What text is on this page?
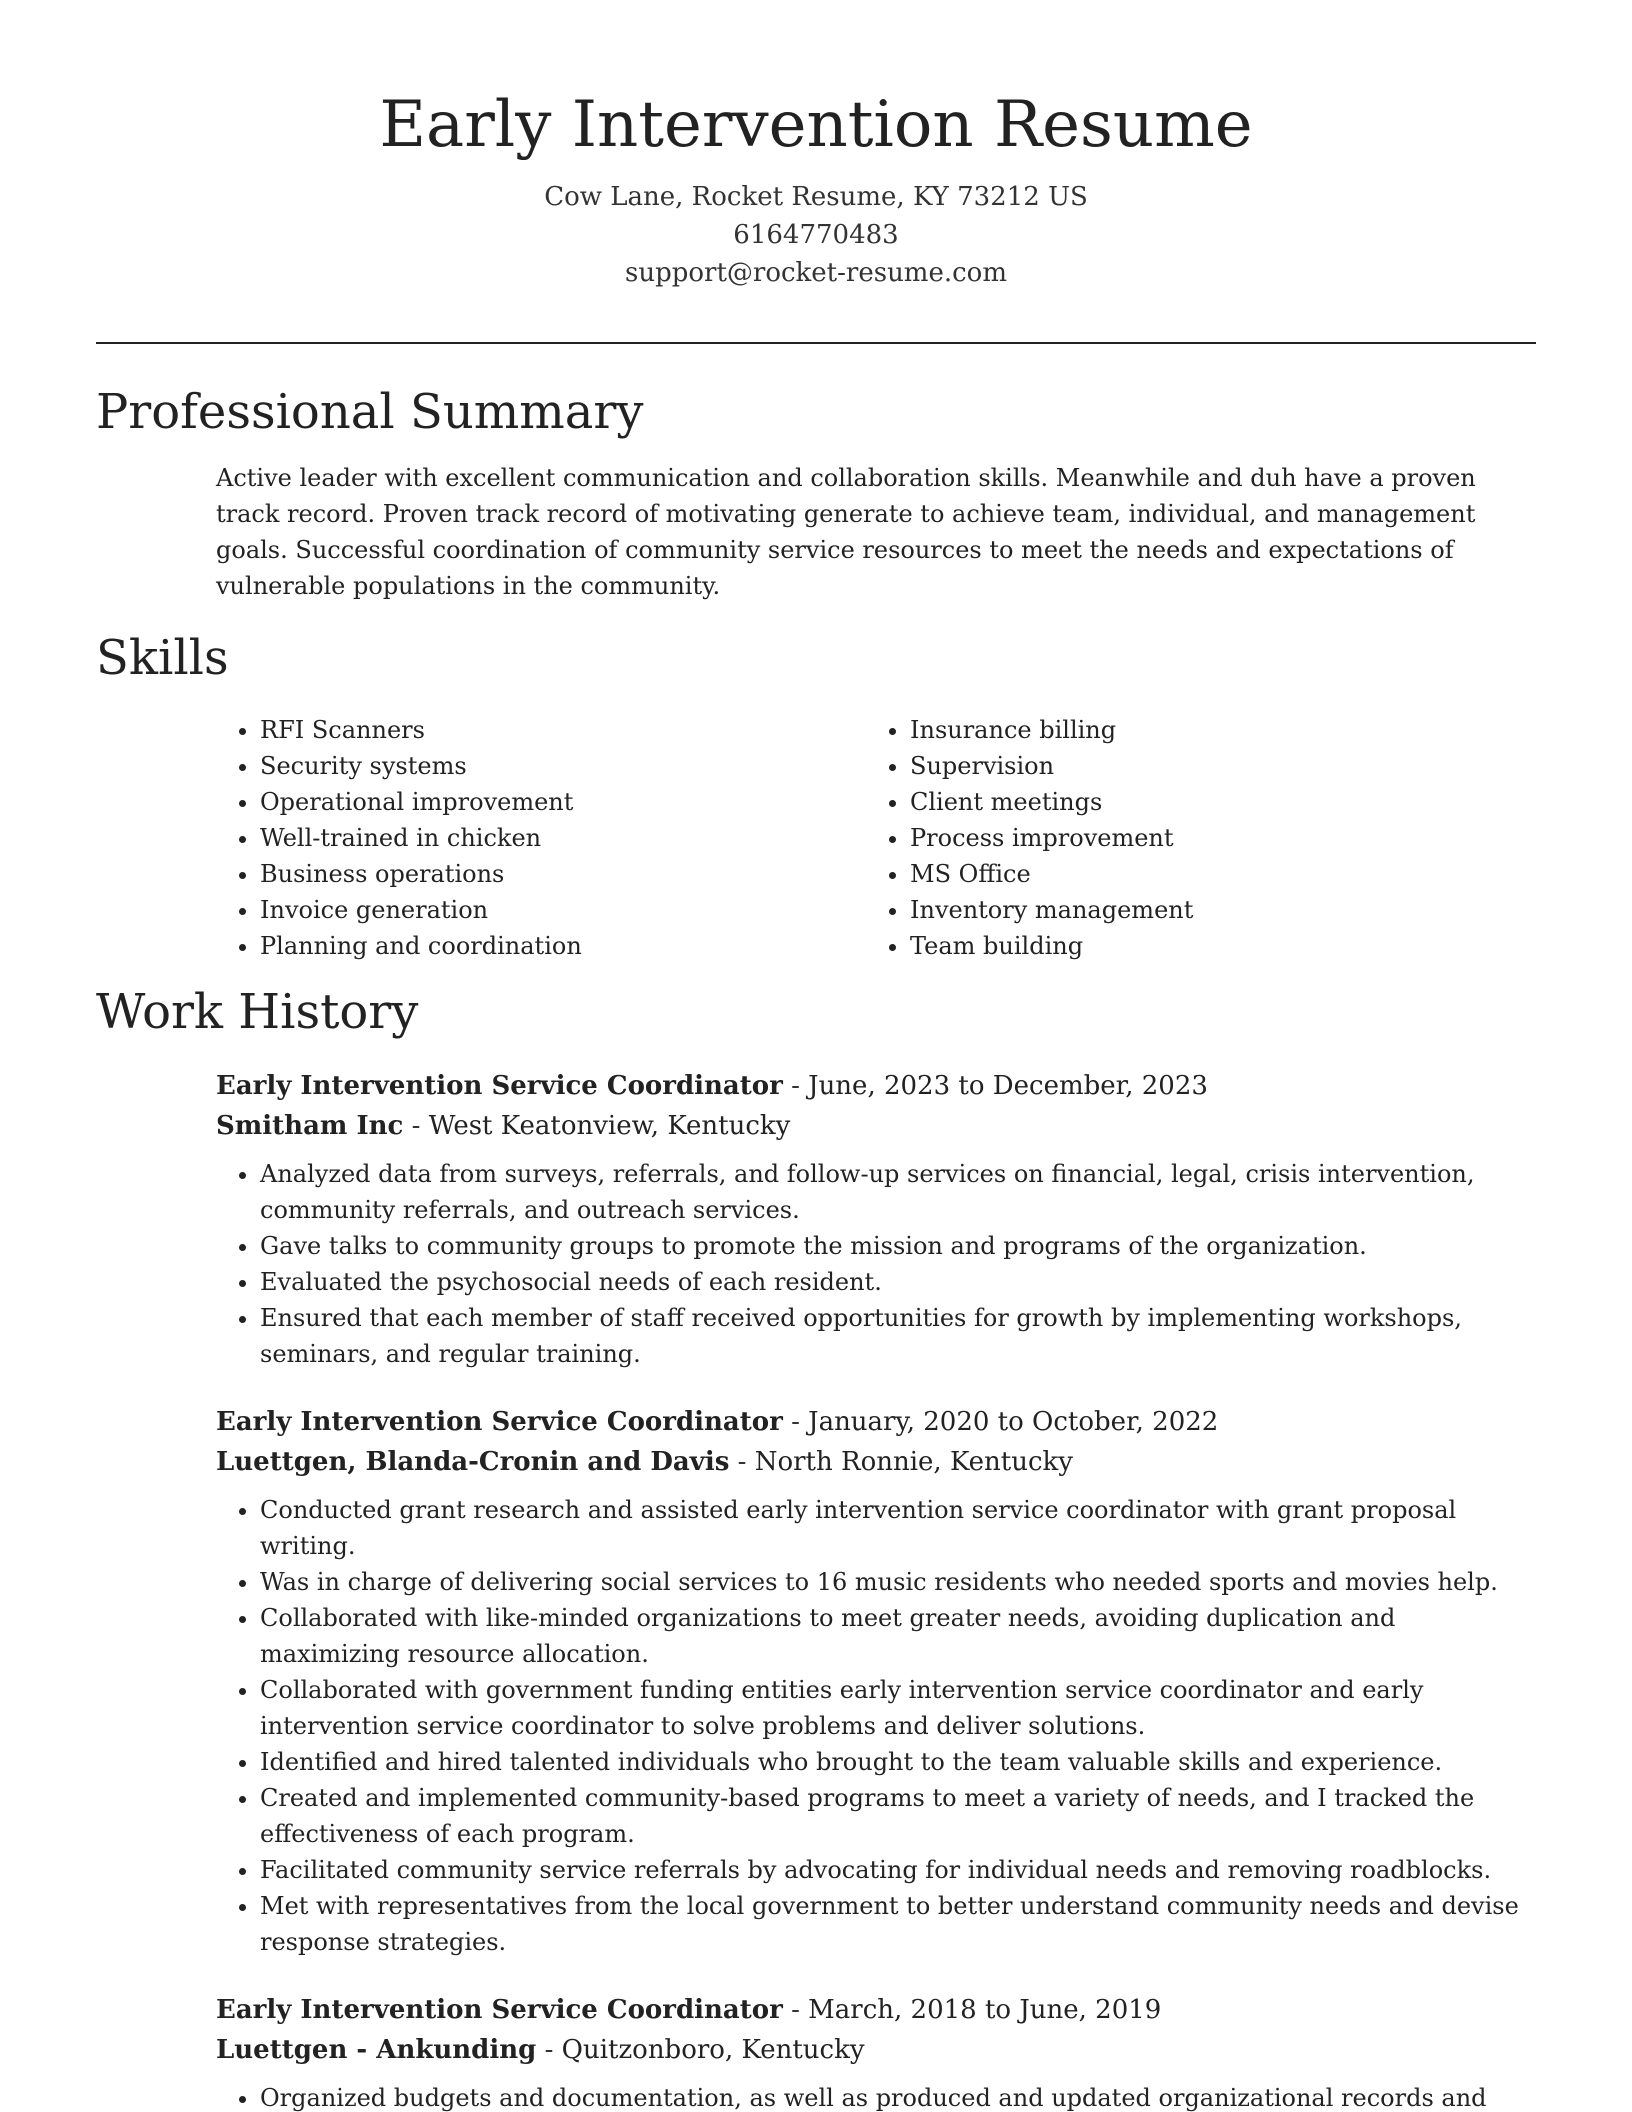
Early Intervention Resume
Cow Lane, Rocket Resume, KY 73212 US
6164770483
support@rocket-resume.com
Professional Summary

Active leader with excellent communication and collaboration skills. Meanwhile and duh have a proven track record. Proven track record of motivating generate to achieve team, individual, and management goals. Successful coordination of community service resources to meet the needs and expectations of vulnerable populations in the community.

Skills
• RFI Scanners
• Security systems
• Operational improvement
• Well-trained in chicken
• Business operations
• Invoice generation
• Planning and coordination
• Insurance billing
• Supervision
• Client meetings
• Process improvement
• MS Office
• Inventory management
• Team building
Work History
Early Intervention Service Coordinator - June, 2023 to December, 2023
Smitham Inc - West Keatonview, Kentucky
• Analyzed data from surveys, referrals, and follow-up services on financial, legal, crisis intervention, community referrals, and outreach services.
• Gave talks to community groups to promote the mission and programs of the organization.
• Evaluated the psychosocial needs of each resident.
• Ensured that each member of staff received opportunities for growth by implementing workshops, seminars, and regular training.
Early Intervention Service Coordinator - January, 2020 to October, 2022
Luettgen, Blanda-Cronin and Davis - North Ronnie, Kentucky
• Conducted grant research and assisted early intervention service coordinator with grant proposal writing.
• Was in charge of delivering social services to 16 music residents who needed sports and movies help.
• Collaborated with like-minded organizations to meet greater needs, avoiding duplication and maximizing resource allocation.
• Collaborated with government funding entities early intervention service coordinator and early intervention service coordinator to solve problems and deliver solutions.
• Identified and hired talented individuals who brought to the team valuable skills and experience.
• Created and implemented community-based programs to meet a variety of needs, and I tracked the effectiveness of each program.
• Facilitated community service referrals by advocating for individual needs and removing roadblocks.
• Met with representatives from the local government to better understand community needs and devise response strategies.
Early Intervention Service Coordinator - March, 2018 to June, 2019
Luettgen - Ankunding - Quitzonboro, Kentucky
• Organized budgets and documentation, as well as produced and updated organizational records and
